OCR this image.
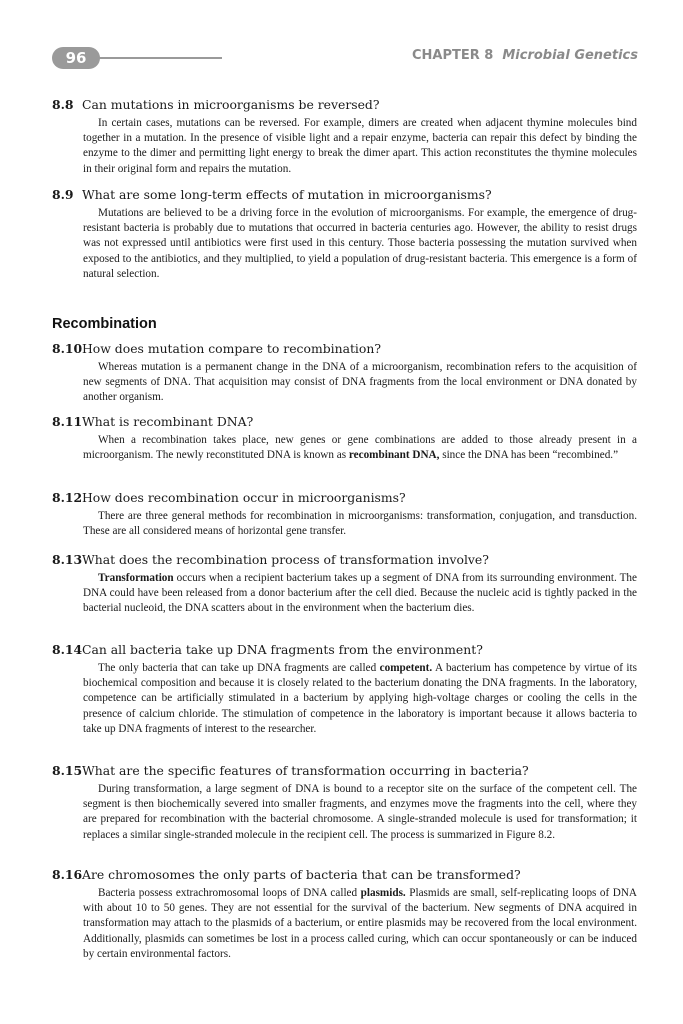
96	CHAPTER 8 Microbial Genetics
8.8 Can mutations in microorganisms be reversed?

In certain cases, mutations can be reversed. For example, dimers are created when adjacent thymine molecules bind together in a mutation. In the presence of visible light and a repair enzyme, bacteria can repair this defect by binding the enzyme to the dimer and permitting light energy to break the dimer apart. This action reconstitutes the thymine molecules in their original form and repairs the mutation.

8.9 What are some long-term effects of mutation in microorganisms?

Mutations are believed to be a driving force in the evolution of microorganisms. For example, the emergence of drug-resistant bacteria is probably due to mutations that occurred in bacteria centuries ago. However, the ability to resist drugs was not expressed until antibiotics were first used in this century. Those bacteria possessing the mutation survived when exposed to the antibiotics, and they multiplied, to yield a population of drug-resistant bacteria. This emergence is a form of natural selection.

Recombination
8.10How does mutation compare to recombination?

Whereas mutation is a permanent change in the DNA of a microorganism, recombination refers to the acquisition of new segments of DNA. That acquisition may consist of DNA fragments from the local environment or DNA donated by another organism.

8.11What is recombinant DNA?

When a recombination takes place, new genes or gene combinations are added to those already present in a microorganism. The newly reconstituted DNA is known as recombinant DNA, since the DNA has been “recombined.”

8.12How does recombination occur in microorganisms?

There are three general methods for recombination in microorganisms: transformation, conjugation, and transduction. These are all considered means of horizontal gene transfer.

8.13What does the recombination process of transformation involve?

Transformation occurs when a recipient bacterium takes up a segment of DNA from its surrounding environment. The DNA could have been released from a donor bacterium after the cell died. Because the nucleic acid is tightly packed in the bacterial nucleoid, the DNA scatters about in the environment when the bacterium dies.

8.14Can all bacteria take up DNA fragments from the environment?

The only bacteria that can take up DNA fragments are called competent. A bacterium has competence by virtue of its biochemical composition and because it is closely related to the bacterium donating the DNA fragments. In the laboratory, competence can be artificially stimulated in a bacterium by applying high-voltage charges or cooling the cells in the presence of calcium chloride. The stimulation of competence in the laboratory is important because it allows bacteria to take up DNA fragments of interest to the researcher.

8.15What are the specific features of transformation occurring in bacteria?

During transformation, a large segment of DNA is bound to a receptor site on the surface of the competent cell. The segment is then biochemically severed into smaller fragments, and enzymes move the fragments into the cell, where they are prepared for recombination with the bacterial chromosome. A single-stranded molecule is used for transformation; it replaces a similar single-stranded molecule in the recipient cell. The process is summarized in Figure 8.2.

8.16Are chromosomes the only parts of bacteria that can be transformed?

Bacteria possess extrachromosomal loops of DNA called plasmids. Plasmids are small, self-replicating loops of DNA with about 10 to 50 genes. They are not essential for the survival of the bacterium. New segments of DNA acquired in transformation may attach to the plasmids of a bacterium, or entire plasmids may be recovered from the local environment. Additionally, plasmids can sometimes be lost in a process called curing, which can occur spontaneously or can be induced by certain environmental factors.
